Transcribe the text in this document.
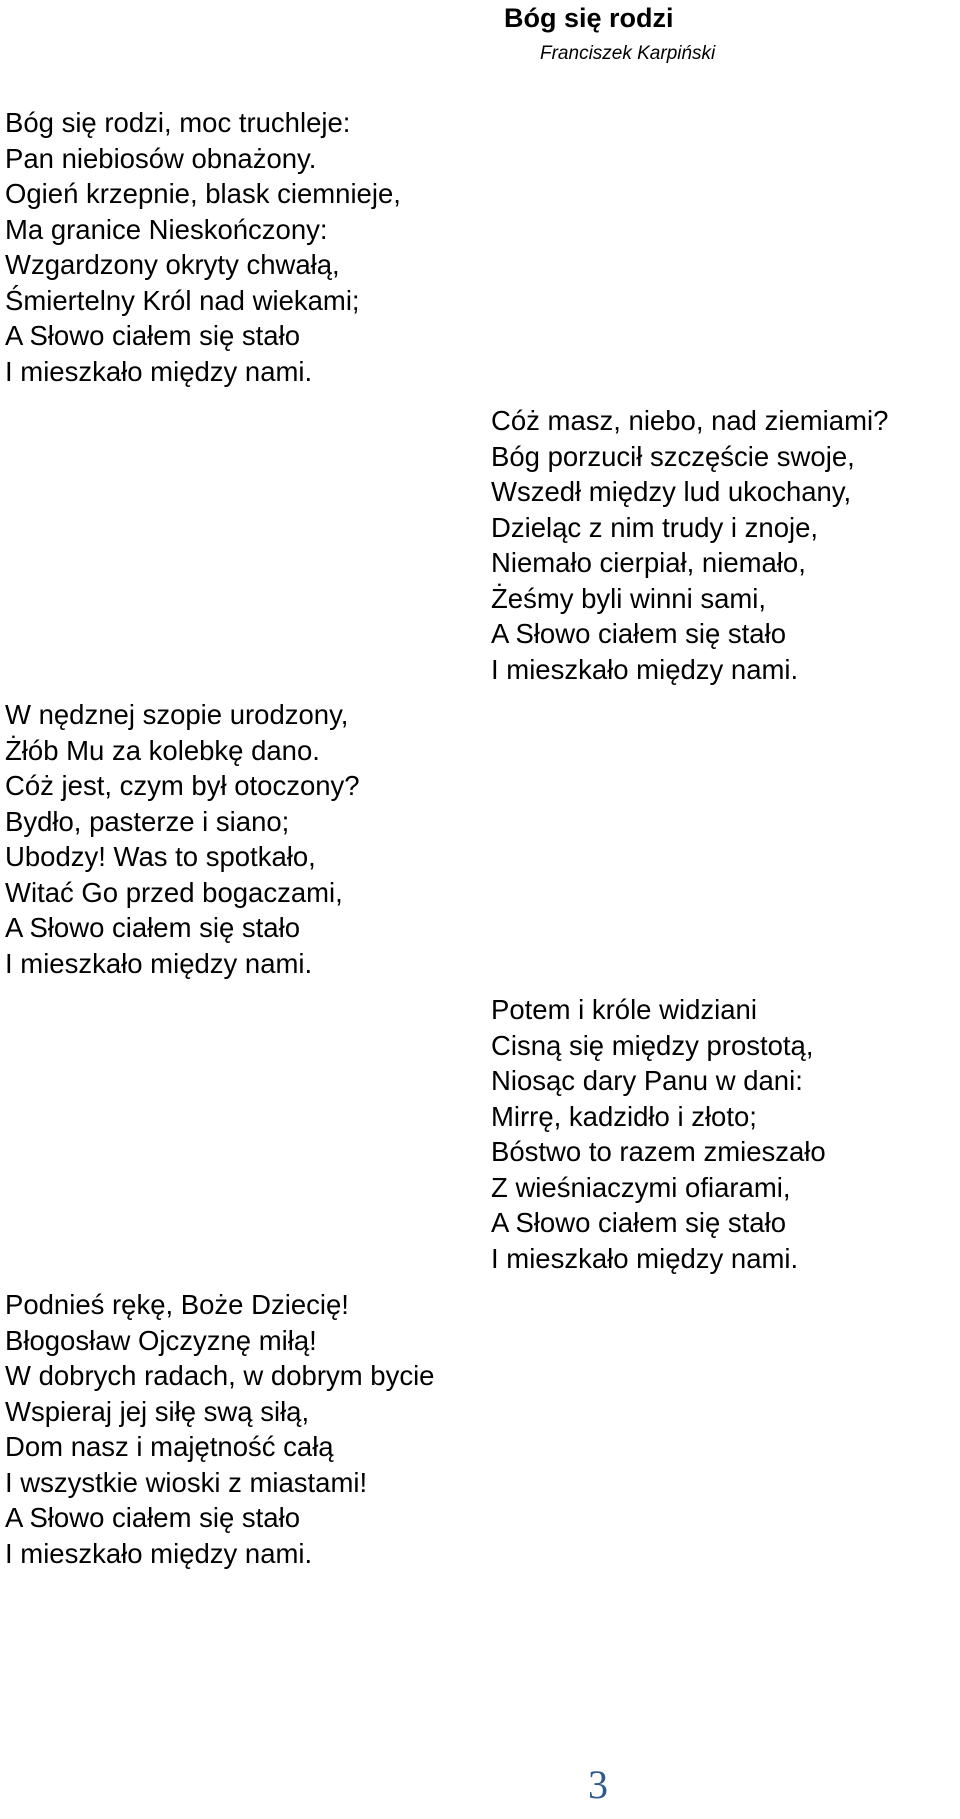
Bóg się rodzi
Franciszek Karpiński
Bóg się rodzi, moc truchleje:
Pan niebiosów obnażony.
Ogień krzepnie, blask ciemnieje,
Ma granice Nieskończony:
Wzgardzony okryty chwałą,
Śmiertelny Król nad wiekami;
A Słowo ciałem się stało
I mieszkało między nami.
Cóż masz, niebo, nad ziemiami?
Bóg porzucił szczęście swoje,
Wszedł między lud ukochany,
Dzieląc z nim trudy i znoje,
Niemało cierpiał, niemało,
Żeśmy byli winni sami,
A Słowo ciałem się stało
I mieszkało między nami.
W nędznej szopie urodzony,
Żłób Mu za kolebkę dano.
Cóż jest, czym był otoczony?
Bydło, pasterze i siano;
Ubodzy! Was to spotkało,
Witać Go przed bogaczami,
A Słowo ciałem się stało
I mieszkało między nami.
Potem i króle widziani
Cisną się między prostotą,
Niosąc dary Panu w dani:
Mirrę, kadzidło i złoto;
Bóstwo to razem zmieszało
Z wieśniaczymi ofiarami,
A Słowo ciałem się stało
I mieszkało między nami.
Podnieś rękę, Boże Dziecię!
Błogosław Ojczyznę miłą!
W dobrych radach, w dobrym bycie
Wspieraj jej siłę swą siłą,
Dom nasz i majętność całą
I wszystkie wioski z miastami!
A Słowo ciałem się stało
I mieszkało między nami.
3
